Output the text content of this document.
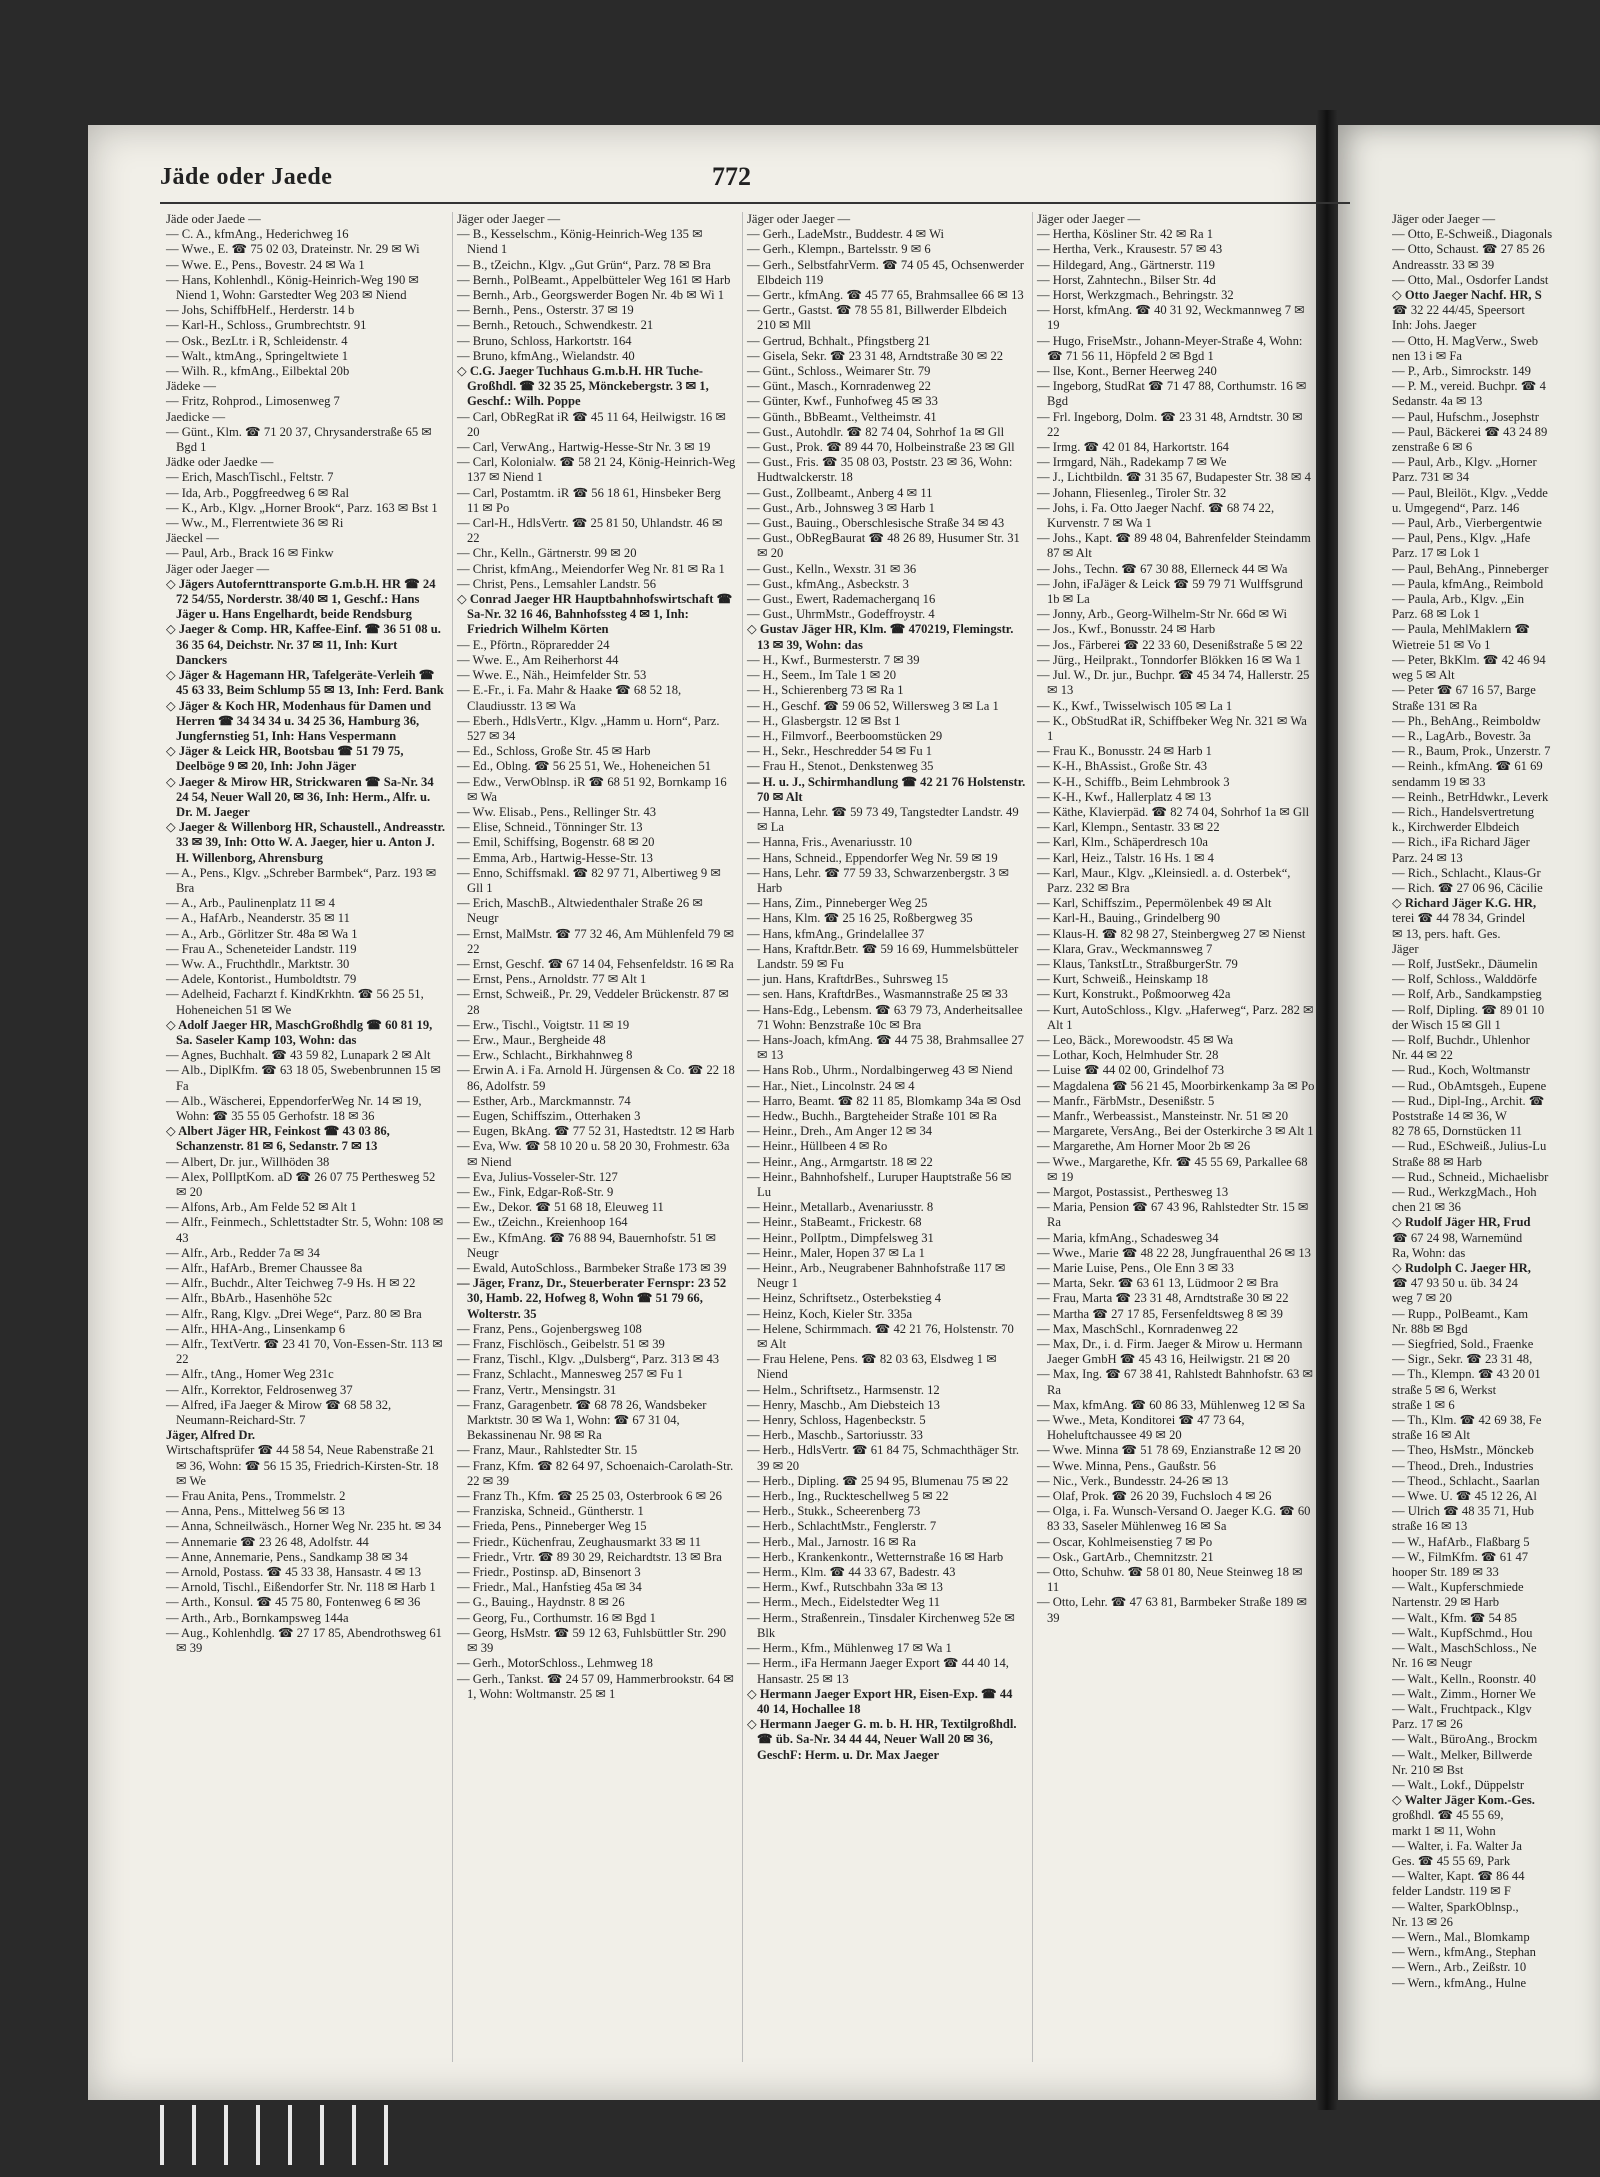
Jäde oder Jaede	772

Jäde oder Jaede —

— C. A., kfmAng., Hederichweg 16

— Wwe., E. ☎ 75 02 03, Drateinstr. Nr. 29 ✉ Wi

— Wwe. E., Pens., Bovestr. 24 ✉ Wa 1

— Hans, Kohlenhdl., König-Heinrich-Weg 190 ✉ Niend 1, Wohn: Garstedter Weg 203 ✉ Niend

— Johs, SchiffbHelf., Herderstr. 14 b

— Karl-H., Schloss., Grumbrechtstr. 91

— Osk., BezLtr. i R, Schleidenstr. 4

— Walt., ktmAng., Springeltwiete 1

— Wilh. R., kfmAng., Eilbektal 20b

Jädeke —

— Fritz, Rohprod., Limosenweg 7

Jaedicke —

— Günt., Klm. ☎ 71 20 37, Chrysanderstraße 65 ✉ Bgd 1

Jädke oder Jaedke —

— Erich, MaschTischl., Feltstr. 7

— Ida, Arb., Poggfreedweg 6 ✉ Ral

— K., Arb., Klgv. „Horner Brook“, Parz. 163 ✉ Bst 1

— Ww., M., Flerrentwiete 36 ✉ Ri

Jäeckel —

— Paul, Arb., Brack 16 ✉ Finkw

Jäger oder Jaeger —

◇ Jägers Autofernttransporte G.m.b.H. HR ☎ 24 72 54/55, Norderstr. 38/40 ✉ 1, Geschf.: Hans Jäger u. Hans Engelhardt, beide Rendsburg

◇ Jaeger & Comp. HR, Kaffee-Einf. ☎ 36 51 08 u. 36 35 64, Deichstr. Nr. 37 ✉ 11, Inh: Kurt Danckers

◇ Jäger & Hagemann HR, Tafelgeräte-Verleih ☎ 45 63 33, Beim Schlump 55 ✉ 13, Inh: Ferd. Bank

◇ Jäger & Koch HR, Modenhaus für Damen und Herren ☎ 34 34 34 u. 34 25 36, Hamburg 36, Jungfernstieg 51, Inh: Hans Vespermann

◇ Jäger & Leick HR, Bootsbau ☎ 51 79 75, Deelböge 9 ✉ 20, Inh: John Jäger

◇ Jaeger & Mirow HR, Strickwaren ☎ Sa-Nr. 34 24 54, Neuer Wall 20, ✉ 36, Inh: Herm., Alfr. u. Dr. M. Jaeger

◇ Jaeger & Willenborg HR, Schaustell., Andreasstr. 33 ✉ 39, Inh: Otto W. A. Jaeger, hier u. Anton J. H. Willenborg, Ahrensburg

— A., Pens., Klgv. „Schreber Barmbek“, Parz. 193 ✉ Bra

— A., Arb., Paulinenplatz 11 ✉ 4

— A., HafArb., Neanderstr. 35 ✉ 11

— A., Arb., Görlitzer Str. 48a ✉ Wa 1

— Frau A., Scheneteider Landstr. 119

— Ww. A., Fruchthdlr., Marktstr. 30

— Adele, Kontorist., Humboldtstr. 79

— Adelheid, Facharzt f. KindKrkhtn. ☎ 56 25 51, Hoheneichen 51 ✉ We

◇ Adolf Jaeger HR, MaschGroßhdlg ☎ 60 81 19, Sa. Saseler Kamp 103, Wohn: das

— Agnes, Buchhalt. ☎ 43 59 82, Lunapark 2 ✉ Alt

— Alb., DiplKfm. ☎ 63 18 05, Swebenbrunnen 15 ✉ Fa

— Alb., Wäscherei, EppendorferWeg Nr. 14 ✉ 19, Wohn: ☎ 35 55 05 Gerhofstr. 18 ✉ 36

◇ Albert Jäger HR, Feinkost ☎ 43 03 86, Schanzenstr. 81 ✉ 6, Sedanstr. 7 ✉ 13

— Albert, Dr. jur., Willhöden 38

— Alex, PolIlptKom. aD ☎ 26 07 75 Perthesweg 52 ✉ 20

— Alfons, Arb., Am Felde 52 ✉ Alt 1

— Alfr., Feinmech., Schlettstadter Str. 5, Wohn: 108 ✉ 43

— Alfr., Arb., Redder 7a ✉ 34

— Alfr., HafArb., Bremer Chaussee 8a

— Alfr., Buchdr., Alter Teichweg 7-9 Hs. H ✉ 22

— Alfr., BbArb., Hasenhöhe 52c

— Alfr., Rang, Klgv. „Drei Wege“, Parz. 80 ✉ Bra

— Alfr., HHA-Ang., Linsenkamp 6

— Alfr., TextVertr. ☎ 23 41 70, Von-Essen-Str. 113 ✉ 22

— Alfr., tAng., Homer Weg 231c

— Alfr., Korrektor, Feldrosenweg 37

— Alfred, iFa Jaeger & Mirow ☎ 68 58 32, Neumann-Reichard-Str. 7

Jäger, Alfred Dr.

Wirtschaftsprüfer ☎ 44 58 54, Neue Rabenstraße 21 ✉ 36, Wohn: ☎ 56 15 35, Friedrich-Kirsten-Str. 18 ✉ We

— Frau Anita, Pens., Trommelstr. 2

— Anna, Pens., Mittelweg 56 ✉ 13

— Anna, Schneilwäsch., Horner Weg Nr. 235 ht. ✉ 34

— Annemarie ☎ 23 26 48, Adolfstr. 44

— Anne, Annemarie, Pens., Sandkamp 38 ✉ 34

— Arnold, Postass. ☎ 45 33 38, Hansastr. 4 ✉ 13

— Arnold, Tischl., Eißendorfer Str. Nr. 118 ✉ Harb 1

— Arth., Konsul. ☎ 45 75 80, Fontenweg 6 ✉ 36

— Arth., Arb., Bornkampsweg 144a

— Aug., Kohlenhdlg. ☎ 27 17 85, Abendrothsweg 61 ✉ 39

Jäger oder Jaeger —

— B., Kesselschm., König-Heinrich-Weg 135 ✉ Niend 1

— B., tZeichn., Klgv. „Gut Grün“, Parz. 78 ✉ Bra

— Bernh., PolBeamt., Appelbütteler Weg 161 ✉ Harb

— Bernh., Arb., Georgswerder Bogen Nr. 4b ✉ Wi 1

— Bernh., Pens., Osterstr. 37 ✉ 19

— Bernh., Retouch., Schwendkestr. 21

— Bruno, Schloss, Harkortstr. 164

— Bruno, kfmAng., Wielandstr. 40

◇ C.G. Jaeger Tuchhaus G.m.b.H. HR Tuche-Großhdl. ☎ 32 35 25, Mönckebergstr. 3 ✉ 1, Geschf.: Wilh. Poppe

— Carl, ObRegRat iR ☎ 45 11 64, Heilwigstr. 16 ✉ 20

— Carl, VerwAng., Hartwig-Hesse-Str Nr. 3 ✉ 19

— Carl, Kolonialw. ☎ 58 21 24, König-Heinrich-Weg 137 ✉ Niend 1

— Carl, Postamtm. iR ☎ 56 18 61, Hinsbeker Berg 11 ✉ Po

— Carl-H., HdlsVertr. ☎ 25 81 50, Uhlandstr. 46 ✉ 22

— Chr., Kelln., Gärtnerstr. 99 ✉ 20

— Christ, kfmAng., Meiendorfer Weg Nr. 81 ✉ Ra 1

— Christ, Pens., Lemsahler Landstr. 56

◇ Conrad Jaeger HR Hauptbahnhofswirtschaft ☎ Sa-Nr. 32 16 46, Bahnhofssteg 4 ✉ 1, Inh: Friedrich Wilhelm Körten

— E., Pförtn., Röpraredder 24

— Wwe. E., Am Reiherhorst 44

— Wwe. E., Näh., Heimfelder Str. 53

— E.-Fr., i. Fa. Mahr & Haake ☎ 68 52 18, Claudiusstr. 13 ✉ Wa

— Eberh., HdlsVertr., Klgv. „Hamm u. Horn“, Parz. 527 ✉ 34

— Ed., Schloss, Große Str. 45 ✉ Harb

— Ed., Oblng. ☎ 56 25 51, We., Hoheneichen 51

— Edw., VerwOblnsp. iR ☎ 68 51 92, Bornkamp 16 ✉ Wa

— Ww. Elisab., Pens., Rellinger Str. 43

— Elise, Schneid., Tönninger Str. 13

— Emil, Schiffsing, Bogenstr. 68 ✉ 20

— Emma, Arb., Hartwig-Hesse-Str. 13

— Enno, Schiffsmakl. ☎ 82 97 71, Albertiweg 9 ✉ Gll 1

— Erich, MaschB., Altwiedenthaler Straße 26 ✉ Neugr

— Ernst, MalMstr. ☎ 77 32 46, Am Mühlenfeld 79 ✉ 22

— Ernst, Geschf. ☎ 67 14 04, Fehsenfeldstr. 16 ✉ Ra

— Ernst, Pens., Arnoldstr. 77 ✉ Alt 1

— Ernst, Schweiß., Pr. 29, Veddeler Brückenstr. 87 ✉ 28

— Erw., Tischl., Voigtstr. 11 ✉ 19

— Erw., Maur., Bergheide 48

— Erw., Schlacht., Birkhahnweg 8

— Erwin A. i Fa. Arnold H. Jürgensen & Co. ☎ 22 18 86, Adolfstr. 59

— Esther, Arb., Marckmannstr. 74

— Eugen, Schiffszim., Otterhaken 3

— Eugen, BkAng. ☎ 77 52 31, Hastedtstr. 12 ✉ Harb

— Eva, Ww. ☎ 58 10 20 u. 58 20 30, Frohmestr. 63a ✉ Niend

— Eva, Julius-Vosseler-Str. 127

— Ew., Fink, Edgar-Roß-Str. 9

— Ew., Dekor. ☎ 51 68 18, Eleuweg 11

— Ew., tZeichn., Kreienhoop 164

— Ew., KfmAng. ☎ 76 88 94, Bauernhofstr. 51 ✉ Neugr

— Ewald, AutoSchloss., Barmbeker Straße 173 ✉ 39

— Jäger, Franz, Dr., Steuerberater Fernspr: 23 52 30, Hamb. 22, Hofweg 8, Wohn ☎ 51 79 66, Wolterstr. 35

— Franz, Pens., Gojenbergsweg 108

— Franz, Fischlösch., Geibelstr. 51 ✉ 39

— Franz, Tischl., Klgv. „Dulsberg“, Parz. 313 ✉ 43

— Franz, Schlacht., Mannesweg 257 ✉ Fu 1

— Franz, Vertr., Mensingstr. 31

— Franz, Garagenbetr. ☎ 68 78 26, Wandsbeker Marktstr. 30 ✉ Wa 1, Wohn: ☎ 67 31 04, Bekassinenau Nr. 98 ✉ Ra

— Franz, Maur., Rahlstedter Str. 15

— Franz, Kfm. ☎ 82 64 97, Schoenaich-Carolath-Str. 22 ✉ 39

— Franz Th., Kfm. ☎ 25 25 03, Osterbrook 6 ✉ 26

— Franziska, Schneid., Güntherstr. 1

— Frieda, Pens., Pinneberger Weg 15

— Friedr., Küchenfrau, Zeughausmarkt 33 ✉ 11

— Friedr., Vrtr. ☎ 89 30 29, Reichardtstr. 13 ✉ Bra

— Friedr., Postinsp. aD, Binsenort 3

— Friedr., Mal., Hanfstieg 45a ✉ 34

— G., Bauing., Haydnstr. 8 ✉ 26

— Georg, Fu., Corthumstr. 16 ✉ Bgd 1

— Georg, HsMstr. ☎ 59 12 63, Fuhlsbüttler Str. 290 ✉ 39

— Gerh., MotorSchloss., Lehmweg 18

— Gerh., Tankst. ☎ 24 57 09, Hammerbrookstr. 64 ✉ 1, Wohn: Woltmanstr. 25 ✉ 1

Jäger oder Jaeger —

— Gerh., LadeMstr., Buddestr. 4 ✉ Wi

— Gerh., Klempn., Bartelsstr. 9 ✉ 6

— Gerh., SelbstfahrVerm. ☎ 74 05 45, Ochsenwerder Elbdeich 119

— Gertr., kfmAng. ☎ 45 77 65, Brahmsallee 66 ✉ 13

— Gertr., Gastst. ☎ 78 55 81, Billwerder Elbdeich 210 ✉ Mll

— Gertrud, Bchhalt., Pfingstberg 21

— Gisela, Sekr. ☎ 23 31 48, Arndtstraße 30 ✉ 22

— Günt., Schloss., Weimarer Str. 79

— Günt., Masch., Kornradenweg 22

— Günter, Kwf., Funhofweg 45 ✉ 33

— Günth., BbBeamt., Veltheimstr. 41

— Gust., Autohdlr. ☎ 82 74 04, Sohrhof 1a ✉ Gll

— Gust., Prok. ☎ 89 44 70, Holbeinstraße 23 ✉ Gll

— Gust., Fris. ☎ 35 08 03, Poststr. 23 ✉ 36, Wohn: Hudtwalckerstr. 18

— Gust., Zollbeamt., Anberg 4 ✉ 11

— Gust., Arb., Johnsweg 3 ✉ Harb 1

— Gust., Bauing., Oberschlesische Straße 34 ✉ 43

— Gust., ObRegBaurat ☎ 48 26 89, Husumer Str. 31 ✉ 20

— Gust., Kelln., Wexstr. 31 ✉ 36

— Gust., kfmAng., Asbeckstr. 3

— Gust., Ewert, Rademacherganq 16

— Gust., UhrmMstr., Godeffroystr. 4

◇ Gustav Jäger HR, Klm. ☎ 470219, Flemingstr. 13 ✉ 39, Wohn: das

— H., Kwf., Burmesterstr. 7 ✉ 39

— H., Seem., Im Tale 1 ✉ 20

— H., Schierenberg 73 ✉ Ra 1

— H., Geschf. ☎ 59 06 52, Willersweg 3 ✉ La 1

— H., Glasbergstr. 12 ✉ Bst 1

— H., Filmvorf., Beerboomstücken 29

— H., Sekr., Heschredder 54 ✉ Fu 1

— Frau H., Stenot., Denkstenweg 35

— H. u. J., Schirmhandlung ☎ 42 21 76 Holstenstr. 70 ✉ Alt

— Hanna, Lehr. ☎ 59 73 49, Tangstedter Landstr. 49 ✉ La

— Hanna, Fris., Avenariusstr. 10

— Hans, Schneid., Eppendorfer Weg Nr. 59 ✉ 19

— Hans, Lehr. ☎ 77 59 33, Schwarzenbergstr. 3 ✉ Harb

— Hans, Zim., Pinneberger Weg 25

— Hans, Klm. ☎ 25 16 25, Roßbergweg 35

— Hans, kfmAng., Grindelallee 37

— Hans, Kraftdr.Betr. ☎ 59 16 69, Hummelsbütteler Landstr. 59 ✉ Fu

— jun. Hans, KraftdrBes., Suhrsweg 15

— sen. Hans, KraftdrBes., Wasmannstraße 25 ✉ 33

— Hans-Edg., Lebensm. ☎ 63 79 73, Anderheitsallee 71 Wohn: Benzstraße 10c ✉ Bra

— Hans-Joach, kfmAng. ☎ 44 75 38, Brahmsallee 27 ✉ 13

— Hans Rob., Uhrm., Nordalbingerweg 43 ✉ Niend

— Har., Niet., Lincolnstr. 24 ✉ 4

— Harro, Beamt. ☎ 82 11 85, Blomkamp 34a ✉ Osd

— Hedw., Buchh., Bargteheider Straße 101 ✉ Ra

— Heinr., Dreh., Am Anger 12 ✉ 34

— Heinr., Hüllbeen 4 ✉ Ro

— Heinr., Ang., Armgartstr. 18 ✉ 22

— Heinr., Bahnhofshelf., Luruper Hauptstraße 56 ✉ Lu

— Heinr., Metallarb., Avenariusstr. 8

— Heinr., StaBeamt., Frickestr. 68

— Heinr., PolIptm., Dimpfelsweg 31

— Heinr., Maler, Hopen 37 ✉ La 1

— Heinr., Arb., Neugrabener Bahnhofstraße 117 ✉ Neugr 1

— Heinz, Schriftsetz., Osterbekstieg 4

— Heinz, Koch, Kieler Str. 335a

— Helene, Schirmmach. ☎ 42 21 76, Holstenstr. 70 ✉ Alt

— Frau Helene, Pens. ☎ 82 03 63, Elsdweg 1 ✉ Niend

— Helm., Schriftsetz., Harmsenstr. 12

— Henry, Maschb., Am Diebsteich 13

— Henry, Schloss, Hagenbeckstr. 5

— Herb., Maschb., Sartoriusstr. 33

— Herb., HdlsVertr. ☎ 61 84 75, Schmachthäger Str. 39 ✉ 20

— Herb., Dipling. ☎ 25 94 95, Blumenau 75 ✉ 22

— Herb., Ing., Ruckteschellweg 5 ✉ 22

— Herb., Stukk., Scheerenberg 73

— Herb., SchlachtMstr., Fenglerstr. 7

— Herb., Mal., Jarnostr. 16 ✉ Ra

— Herb., Krankenkontr., Wetternstraße 16 ✉ Harb

— Herm., Klm. ☎ 44 33 67, Badestr. 43

— Herm., Kwf., Rutschbahn 33a ✉ 13

— Herm., Mech., Eidelstedter Weg 11

— Herm., Straßenrein., Tinsdaler Kirchenweg 52e ✉ Blk

— Herm., Kfm., Mühlenweg 17 ✉ Wa 1

— Herm., iFa Hermann Jaeger Export ☎ 44 40 14, Hansastr. 25 ✉ 13

◇ Hermann Jaeger Export HR, Eisen-Exp. ☎ 44 40 14, Hochallee 18

◇ Hermann Jaeger G. m. b. H. HR, Textilgroßhdl. ☎ üb. Sa-Nr. 34 44 44, Neuer Wall 20 ✉ 36, GeschF: Herm. u. Dr. Max Jaeger

Jäger oder Jaeger —

— Hertha, Kösliner Str. 42 ✉ Ra 1

— Hertha, Verk., Krausestr. 57 ✉ 43

— Hildegard, Ang., Gärtnerstr. 119

— Horst, Zahntechn., Bilser Str. 4d

— Horst, Werkzgmach., Behringstr. 32

— Horst, kfmAng. ☎ 40 31 92, Weckmannweg 7 ✉ 19

— Hugo, FriseMstr., Johann-Meyer-Straße 4, Wohn: ☎ 71 56 11, Höpfeld 2 ✉ Bgd 1

— Ilse, Kont., Berner Heerweg 240

— Ingeborg, StudRat ☎ 71 47 88, Corthumstr. 16 ✉ Bgd

— Frl. Ingeborg, Dolm. ☎ 23 31 48, Arndtstr. 30 ✉ 22

— Irmg. ☎ 42 01 84, Harkortstr. 164

— Irmgard, Näh., Radekamp 7 ✉ We

— J., Lichtbildn. ☎ 31 35 67, Budapester Str. 38 ✉ 4

— Johann, Fliesenleg., Tiroler Str. 32

— Johs, i. Fa. Otto Jaeger Nachf. ☎ 68 74 22, Kurvenstr. 7 ✉ Wa 1

— Johs., Kapt. ☎ 89 48 04, Bahrenfelder Steindamm 87 ✉ Alt

— Johs., Techn. ☎ 67 30 88, Ellerneck 44 ✉ Wa

— John, iFaJäger & Leick ☎ 59 79 71 Wulffsgrund 1b ✉ La

— Jonny, Arb., Georg-Wilhelm-Str Nr. 66d ✉ Wi

— Jos., Kwf., Bonusstr. 24 ✉ Harb

— Jos., Färberei ☎ 22 33 60, Desenißstraße 5 ✉ 22

— Jürg., Heilprakt., Tonndorfer Blökken 16 ✉ Wa 1

— Jul. W., Dr. jur., Buchpr. ☎ 45 34 74, Hallerstr. 25 ✉ 13

— K., Kwf., Twisselwisch 105 ✉ La 1

— K., ObStudRat iR, Schiffbeker Weg Nr. 321 ✉ Wa 1

— Frau K., Bonusstr. 24 ✉ Harb 1

— K-H., BhAssist., Große Str. 43

— K-H., Schiffb., Beim Lehmbrook 3

— K-H., Kwf., Hallerplatz 4 ✉ 13

— Käthe, Klavierpäd. ☎ 82 74 04, Sohrhof 1a ✉ Gll

— Karl, Klempn., Sentastr. 33 ✉ 22

— Karl, Klm., Schäperdresch 10a

— Karl, Heiz., Talstr. 16 Hs. 1 ✉ 4

— Karl, Maur., Klgv. „Kleinsiedl. a. d. Osterbek“, Parz. 232 ✉ Bra

— Karl, Schiffszim., Pepermölenbek 49 ✉ Alt

— Karl-H., Bauing., Grindelberg 90

— Klaus-H. ☎ 82 98 27, Steinbergweg 27 ✉ Nienst

— Klara, Grav., Weckmannsweg 7

— Klaus, TankstLtr., StraßburgerStr. 79

— Kurt, Schweiß., Heinskamp 18

— Kurt, Konstrukt., Poßmoorweg 42a

— Kurt, AutoSchloss., Klgv. „Haferweg“, Parz. 282 ✉ Alt 1

— Leo, Bäck., Morewoodstr. 45 ✉ Wa

— Lothar, Koch, Helmhuder Str. 28

— Luise ☎ 44 02 00, Grindelhof 73

— Magdalena ☎ 56 21 45, Moorbirkenkamp 3a ✉ Po

— Manfr., FärbMstr., Desenißstr. 5

— Manfr., Werbeassist., Mansteinstr. Nr. 51 ✉ 20

— Margarete, VersAng., Bei der Osterkirche 3 ✉ Alt 1

— Margarethe, Am Horner Moor 2b ✉ 26

— Wwe., Margarethe, Kfr. ☎ 45 55 69, Parkallee 68 ✉ 19

— Margot, Postassist., Perthesweg 13

— Maria, Pension ☎ 67 43 96, Rahlstedter Str. 15 ✉ Ra

— Maria, kfmAng., Schadesweg 34

— Wwe., Marie ☎ 48 22 28, Jungfrauenthal 26 ✉ 13

— Marie Luise, Pens., Ole Enn 3 ✉ 33

— Marta, Sekr. ☎ 63 61 13, Lüdmoor 2 ✉ Bra

— Frau, Marta ☎ 23 31 48, Arndtstraße 30 ✉ 22

— Martha ☎ 27 17 85, Fersenfeldtsweg 8 ✉ 39

— Max, MaschSchl., Kornradenweg 22

— Max, Dr., i. d. Firm. Jaeger & Mirow u. Hermann Jaeger GmbH ☎ 45 43 16, Heilwigstr. 21 ✉ 20

— Max, Ing. ☎ 67 38 41, Rahlstedt Bahnhofstr. 63 ✉ Ra

— Max, kfmAng. ☎ 60 86 33, Mühlenweg 12 ✉ Sa

— Wwe., Meta, Konditorei ☎ 47 73 64, Hoheluftchaussee 49 ✉ 20

— Wwe. Minna ☎ 51 78 69, Enzianstraße 12 ✉ 20

— Wwe. Minna, Pens., Gaußstr. 56

— Nic., Verk., Bundesstr. 24-26 ✉ 13

— Olaf, Prok. ☎ 26 20 39, Fuchsloch 4 ✉ 26

— Olga, i. Fa. Wunsch-Versand O. Jaeger K.G. ☎ 60 83 33, Saseler Mühlenweg 16 ✉ Sa

— Oscar, Kohlmeisenstieg 7 ✉ Po

— Osk., GartArb., Chemnitzstr. 21

— Otto, Schuhw. ☎ 58 01 80, Neue Steinweg 18 ✉ 11

— Otto, Lehr. ☎ 47 63 81, Barmbeker Straße 189 ✉ 39

Jäger oder Jaeger —

— Otto, E-Schweiß., Diagonals

— Otto, Schaust. ☎ 27 85 26

Andreasstr. 33 ✉ 39

— Otto, Mal., Osdorfer Landst

◇ Otto Jaeger Nachf. HR, S

☎ 32 22 44/45, Speersort

Inh: Johs. Jaeger

— Otto, H. MagVerw., Sweb

nen 13 i ✉ Fa

— P., Arb., Simrockstr. 149

— P. M., vereid. Buchpr. ☎ 4

Sedanstr. 4a ✉ 13

— Paul, Hufschm., Josephstr

— Paul, Bäckerei ☎ 43 24 89

zenstraße 6 ✉ 6

— Paul, Arb., Klgv. „Horner

Parz. 731 ✉ 34

— Paul, Bleilöt., Klgv. „Vedde

u. Umgegend“, Parz. 146

— Paul, Arb., Vierbergentwie

— Paul, Pens., Klgv. „Hafe

Parz. 17 ✉ Lok 1

— Paul, BehAng., Pinneberger

— Paula, kfmAng., Reimbold

— Paula, Arb., Klgv. „Ein

Parz. 68 ✉ Lok 1

— Paula, MehlMaklern ☎

Wietreie 51 ✉ Vo 1

— Peter, BkKlm. ☎ 42 46 94

weg 5 ✉ Alt

— Peter ☎ 67 16 57, Barge

Straße 131 ✉ Ra

— Ph., BehAng., Reimboldw

— R., LagArb., Bovestr. 3a

— R., Baum, Prok., Unzerstr. 7

— Reinh., kfmAng. ☎ 61 69

sendamm 19 ✉ 33

— Reinh., BetrHdwkr., Leverk

— Rich., Handelsvertretung

k., Kirchwerder Elbdeich

— Rich., iFa Richard Jäger

Parz. 24 ✉ 13

— Rich., Schlacht., Klaus-Gr

— Rich. ☎ 27 06 96, Cäcilie

◇ Richard Jäger K.G. HR,

terei ☎ 44 78 34, Grindel

✉ 13, pers. haft. Ges.

Jäger

— Rolf, JustSekr., Däumelin

— Rolf, Schloss., Walddörfe

— Rolf, Arb., Sandkampstieg

— Rolf, Dipling. ☎ 89 01 10

der Wisch 15 ✉ Gll 1

— Rolf, Buchdr., Uhlenhor

Nr. 44 ✉ 22

— Rud., Koch, Woltmanstr

— Rud., ObAmtsgeh., Eupene

— Rud., Dipl-Ing., Archit. ☎

Poststraße 14 ✉ 36, W

82 78 65, Dornstücken 11

— Rud., ESchweiß., Julius-Lu

Straße 88 ✉ Harb

— Rud., Schneid., Michaelisbr

— Rud., WerkzgMach., Hoh

chen 21 ✉ 36

◇ Rudolf Jäger HR, Frud

☎ 67 24 98, Warnemünd

Ra, Wohn: das

◇ Rudolph C. Jaeger HR,

☎ 47 93 50 u. üb. 34 24

weg 7 ✉ 20

— Rupp., PolBeamt., Kam

Nr. 88b ✉ Bgd

— Siegfried, Sold., Fraenke

— Sigr., Sekr. ☎ 23 31 48,

— Th., Klempn. ☎ 43 20 01

straße 5 ✉ 6, Werkst

straße 1 ✉ 6

— Th., Klm. ☎ 42 69 38, Fe

straße 16 ✉ Alt

— Theo, HsMstr., Mönckeb

— Theod., Dreh., Industries

— Theod., Schlacht., Saarlan

— Wwe. U. ☎ 45 12 26, Al

— Ulrich ☎ 48 35 71, Hub

straße 16 ✉ 13

— W., HafArb., Flaßbarg 5

— W., FilmKfm. ☎ 61 47

hooper Str. 189 ✉ 33

— Walt., Kupferschmiede

Nartenstr. 29 ✉ Harb

— Walt., Kfm. ☎ 54 85

— Walt., KupfSchmd., Hou

— Walt., MaschSchloss., Ne

Nr. 16 ✉ Neugr

— Walt., Kelln., Roonstr. 40

— Walt., Zimm., Horner We

— Walt., Fruchtpack., Klgv

Parz. 17 ✉ 26

— Walt., BüroAng., Brockm

— Walt., Melker, Billwerde

Nr. 210 ✉ Bst

— Walt., Lokf., Düppelstr

◇ Walter Jäger Kom.-Ges.

großhdl. ☎ 45 55 69,

markt 1 ✉ 11, Wohn

— Walter, i. Fa. Walter Ja

Ges. ☎ 45 55 69, Park

— Walter, Kapt. ☎ 86 44

felder Landstr. 119 ✉ F

— Walter, SparkOblnsp.,

Nr. 13 ✉ 26

— Wern., Mal., Blomkamp

— Wern., kfmAng., Stephan

— Wern., Arb., Zeißstr. 10

— Wern., kfmAng., Hulne
